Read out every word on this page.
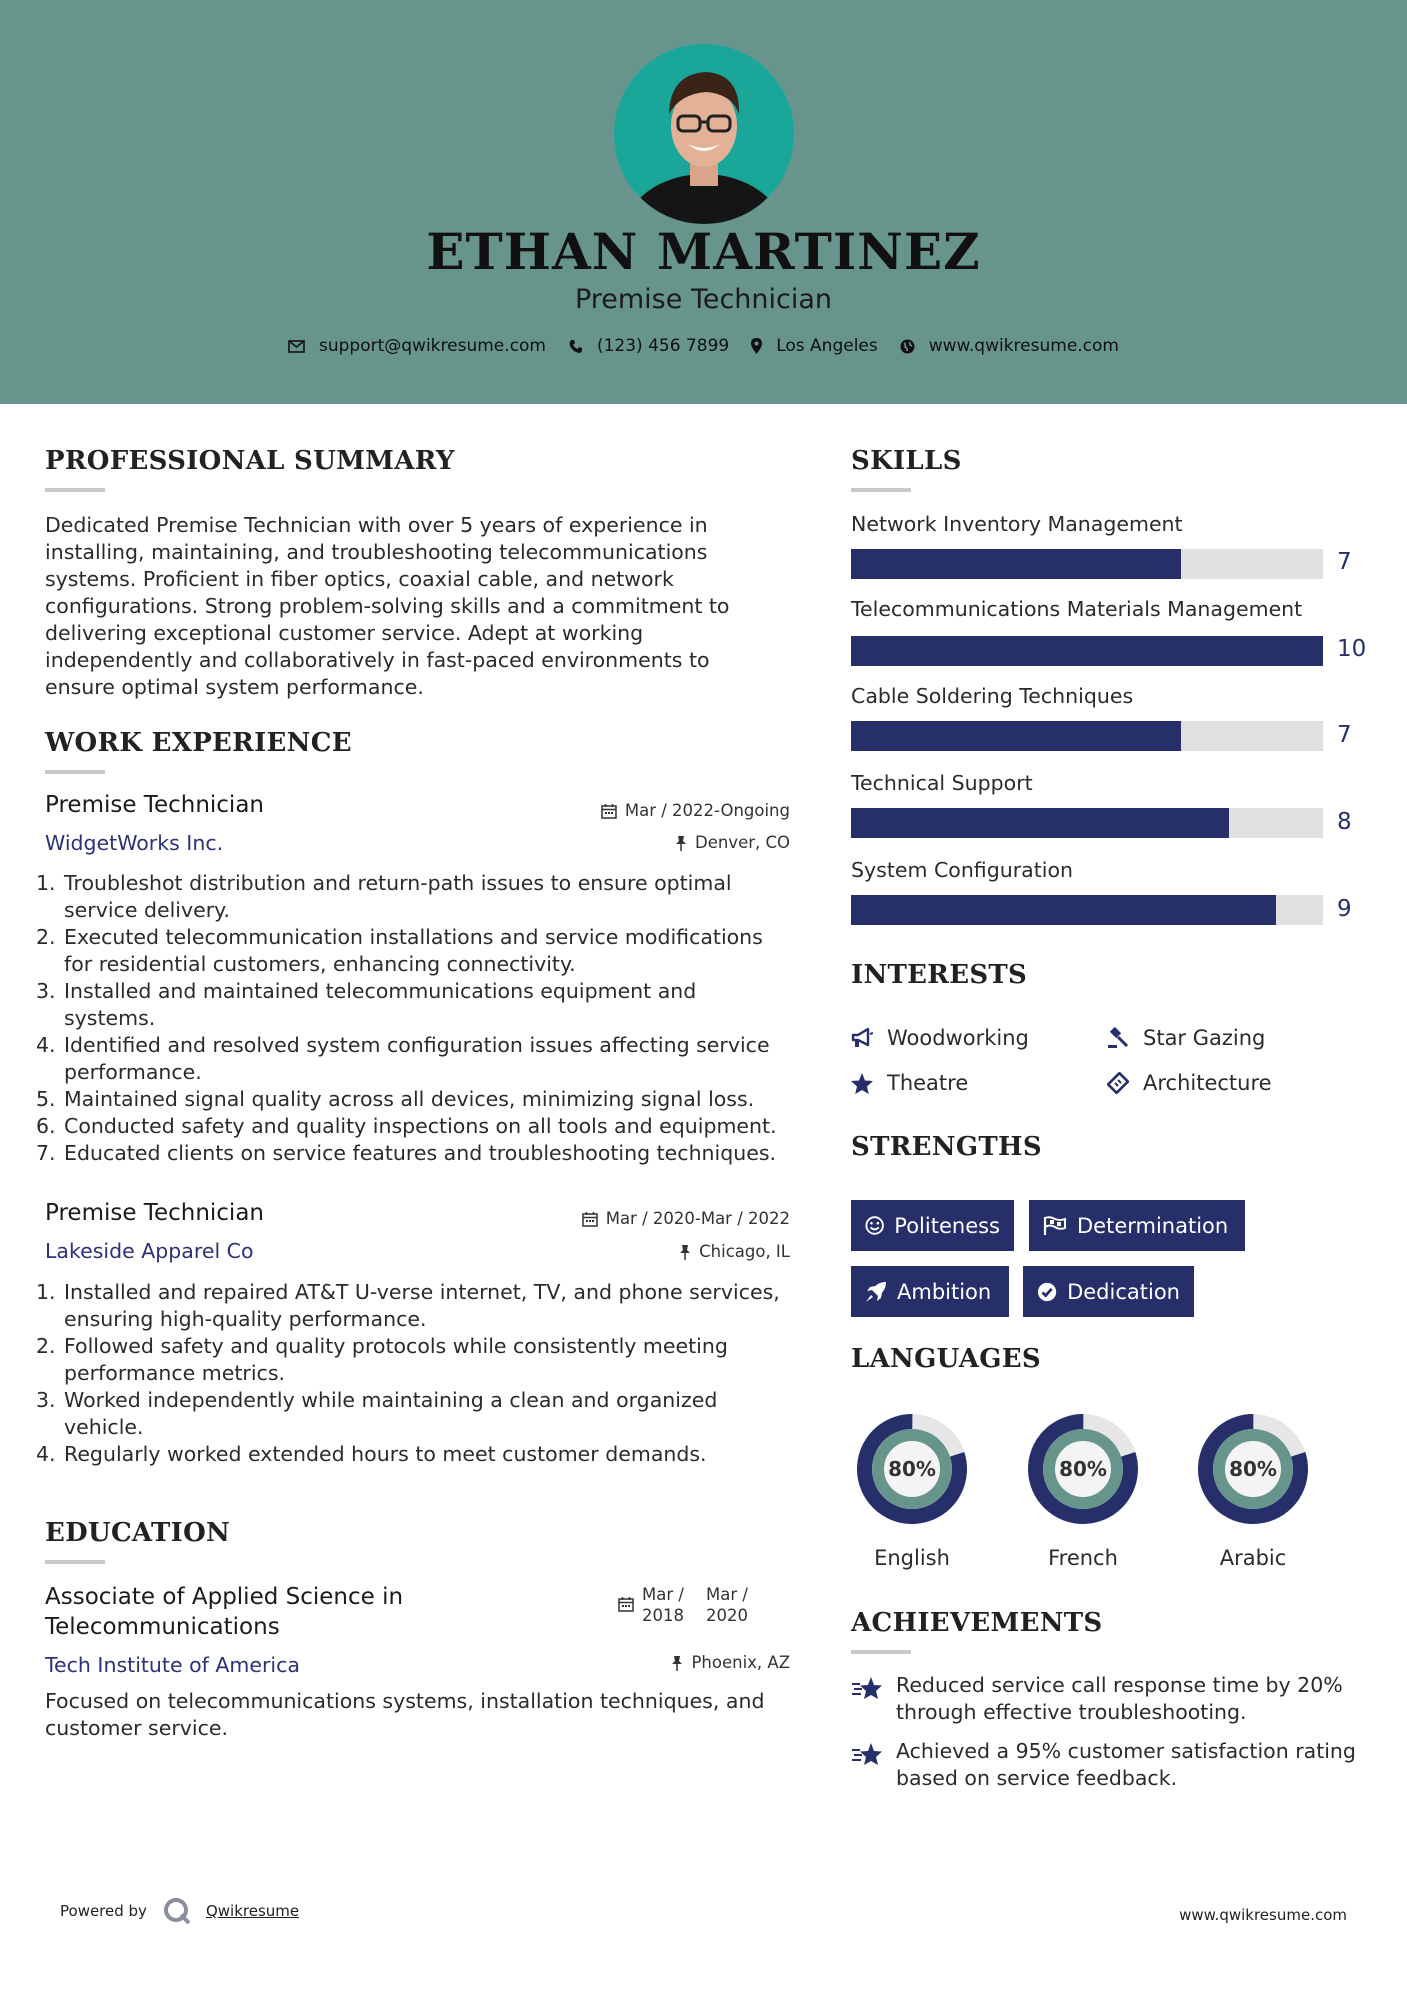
ETHAN MARTINEZ
Premise Technician
support@qwikresume.com	(123) 456 7899	Los Angeles	www.qwikresume.com
PROFESSIONAL SUMMARY
Dedicated Premise Technician with over 5 years of experience in
installing, maintaining, and troubleshooting telecommunications
systems. Proficient in fiber optics, coaxial cable, and network
configurations. Strong problem-solving skills and a commitment to
delivering exceptional customer service. Adept at working
independently and collaboratively in fast-paced environments to
ensure optimal system performance.
WORK EXPERIENCE
Premise Technician	Mar / 2022-Ongoing
WidgetWorks Inc.	Denver, CO
1. Troubleshot distribution and return-path issues to ensure optimal
service delivery.
2. Executed telecommunication installations and service modifications
for residential customers, enhancing connectivity.
3. Installed and maintained telecommunications equipment and
systems.
4. Identified and resolved system configuration issues affecting service
performance.
5. Maintained signal quality across all devices, minimizing signal loss.
6. Conducted safety and quality inspections on all tools and equipment.
7. Educated clients on service features and troubleshooting techniques.
Premise Technician	Mar / 2020-Mar / 2022
Lakeside Apparel Co	Chicago, IL
1. Installed and repaired AT&T U-verse internet, TV, and phone services,
ensuring high-quality performance.
2. Followed safety and quality protocols while consistently meeting
performance metrics.
3. Worked independently while maintaining a clean and organized
vehicle.
4. Regularly worked extended hours to meet customer demands.
EDUCATION
Associate of Applied Science in
Telecommunications
Mar /
2018
Mar /
2020
Tech Institute of America	Phoenix, AZ
Focused on telecommunications systems, installation techniques, and
customer service.
SKILLS
Network Inventory Management
7
Telecommunications Materials Management
10
Cable Soldering Techniques
7
Technical Support
8
System Configuration
9
INTERESTS
Woodworking	Star Gazing
Theatre	Architecture
STRENGTHS
Politeness	Determination
Ambition	Dedication
LANGUAGES
80%
English
80%
French
80%
Arabic
ACHIEVEMENTS
Reduced service call response time by 20%
through effective troubleshooting.
Achieved a 95% customer satisfaction rating
based on service feedback.
Powered by	Qwikresume	www.qwikresume.com
